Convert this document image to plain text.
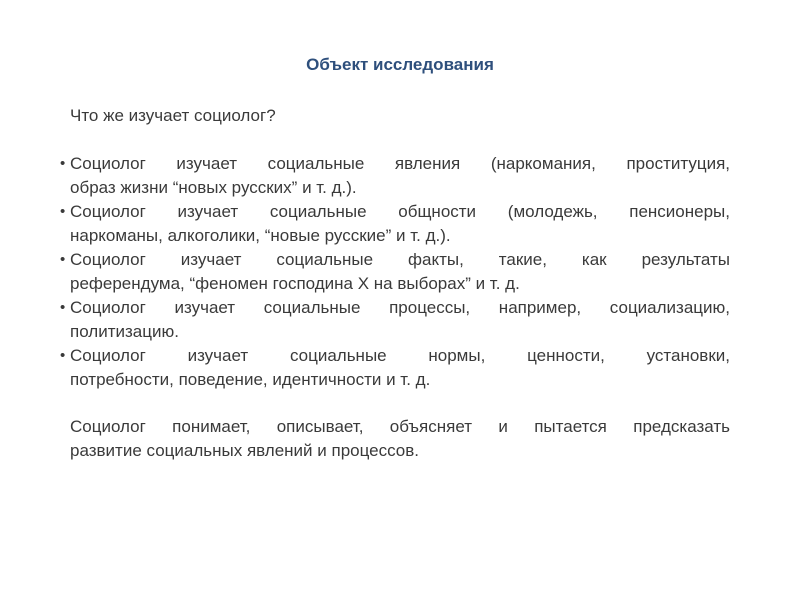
Объект исследования

Что же изучает социолог?

• Социолог изучает социальные явления (наркомания, проституция,
образ жизни “новых русских” и т. д.).
• Социолог изучает социальные общности (молодежь, пенсионеры,
наркоманы, алкоголики, “новые русские” и т. д.).
• Социолог изучает социальные факты, такие, как результаты
референдума, “феномен господина X на выборах” и т. д.
• Социолог изучает социальные процессы, например, социализацию,
политизацию.
• Социолог изучает социальные нормы, ценности, установки,
потребности, поведение, идентичности и т. д.

Социолог понимает, описывает, объясняет и пытается предсказать
развитие социальных явлений и процессов.
